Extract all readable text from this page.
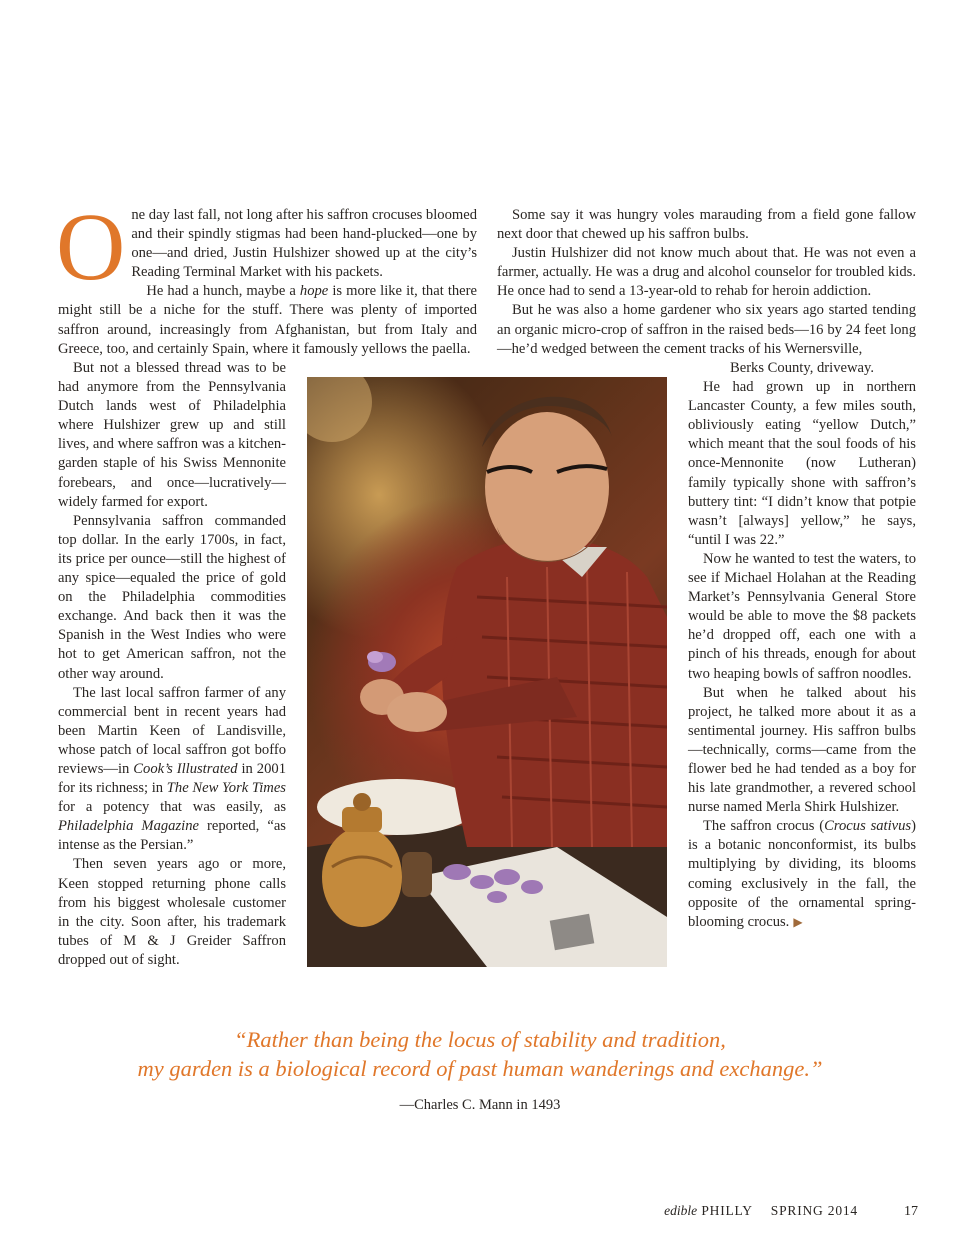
One day last fall, not long after his saffron crocuses bloomed and their spindly stigmas had been hand-plucked—one by one—and dried, Justin Hulshizer showed up at the city’s Reading Terminal Market with his packets.

He had a hunch, maybe a hope is more like it, that there might still be a niche for the stuff. There was plenty of imported saffron around, increasingly from Afghanistan, but from Italy and Greece, too, and certainly Spain, where it famously yellows the paella.

But not a blessed thread was to be had anymore from the Pennsylvania Dutch lands west of Philadelphia where Hulshizer grew up and still lives, and where saffron was a kitchen-garden staple of his Swiss Mennonite forebears, and once—lucratively—widely farmed for export.

Pennsylvania saffron commanded top dollar. In the early 1700s, in fact, its price per ounce—still the highest of any spice—equaled the price of gold on the Philadelphia commodities exchange. And back then it was the Spanish in the West Indies who were hot to get American saffron, not the other way around.

The last local saffron farmer of any commercial bent in recent years had been Martin Keen of Landisville, whose patch of local saffron got boffo reviews—in Cook’s Illustrated in 2001 for its richness; in The New York Times for a potency that was easily, as Philadelphia Magazine reported, “as intense as the Persian.”

Then seven years ago or more, Keen stopped returning phone calls from his biggest wholesale customer in the city. Soon after, his trademark tubes of M & J Greider Saffron dropped out of sight.

Some say it was hungry voles marauding from a field gone fallow next door that chewed up his saffron bulbs.

Justin Hulshizer did not know much about that. He was not even a farmer, actually. He was a drug and alcohol counselor for troubled kids. He once had to send a 13-year-old to rehab for heroin addiction.

But he was also a home gardener who six years ago started tending an organic micro-crop of saffron in the raised beds—16 by 24 feet long—he’d wedged between the cement tracks of his Wernersville,

Berks County, driveway.

He had grown up in northern Lancaster County, a few miles south, obliviously eating “yellow Dutch,” which meant that the soul foods of his once-Mennonite (now Lutheran) family typically shone with saffron’s buttery tint: “I didn’t know that potpie wasn’t [always] yellow,” he says, “until I was 22.”

Now he wanted to test the waters, to see if Michael Holahan at the Reading Market’s Pennsylvania General Store would be able to move the $8 packets he’d dropped off, each one with a pinch of his threads, enough for about two heaping bowls of saffron noodles.

But when he talked about his project, he talked more about it as a sentimental journey. His saffron bulbs—technically, corms—came from the flower bed he had tended as a boy for his late grandmother, a revered school nurse named Merla Shirk Hulshizer.

The saffron crocus (Crocus sativus) is a botanic nonconformist, its bulbs multiplying by dividing, its blooms coming exclusively in the fall, the opposite of the ornamental spring-blooming crocus. ▶

“Rather than being the locus of stability and tradition,
my garden is a biological record of past human wanderings and exchange.”
—Charles C. Mann in 1493
edible PHILLY SPRING 2014	17
